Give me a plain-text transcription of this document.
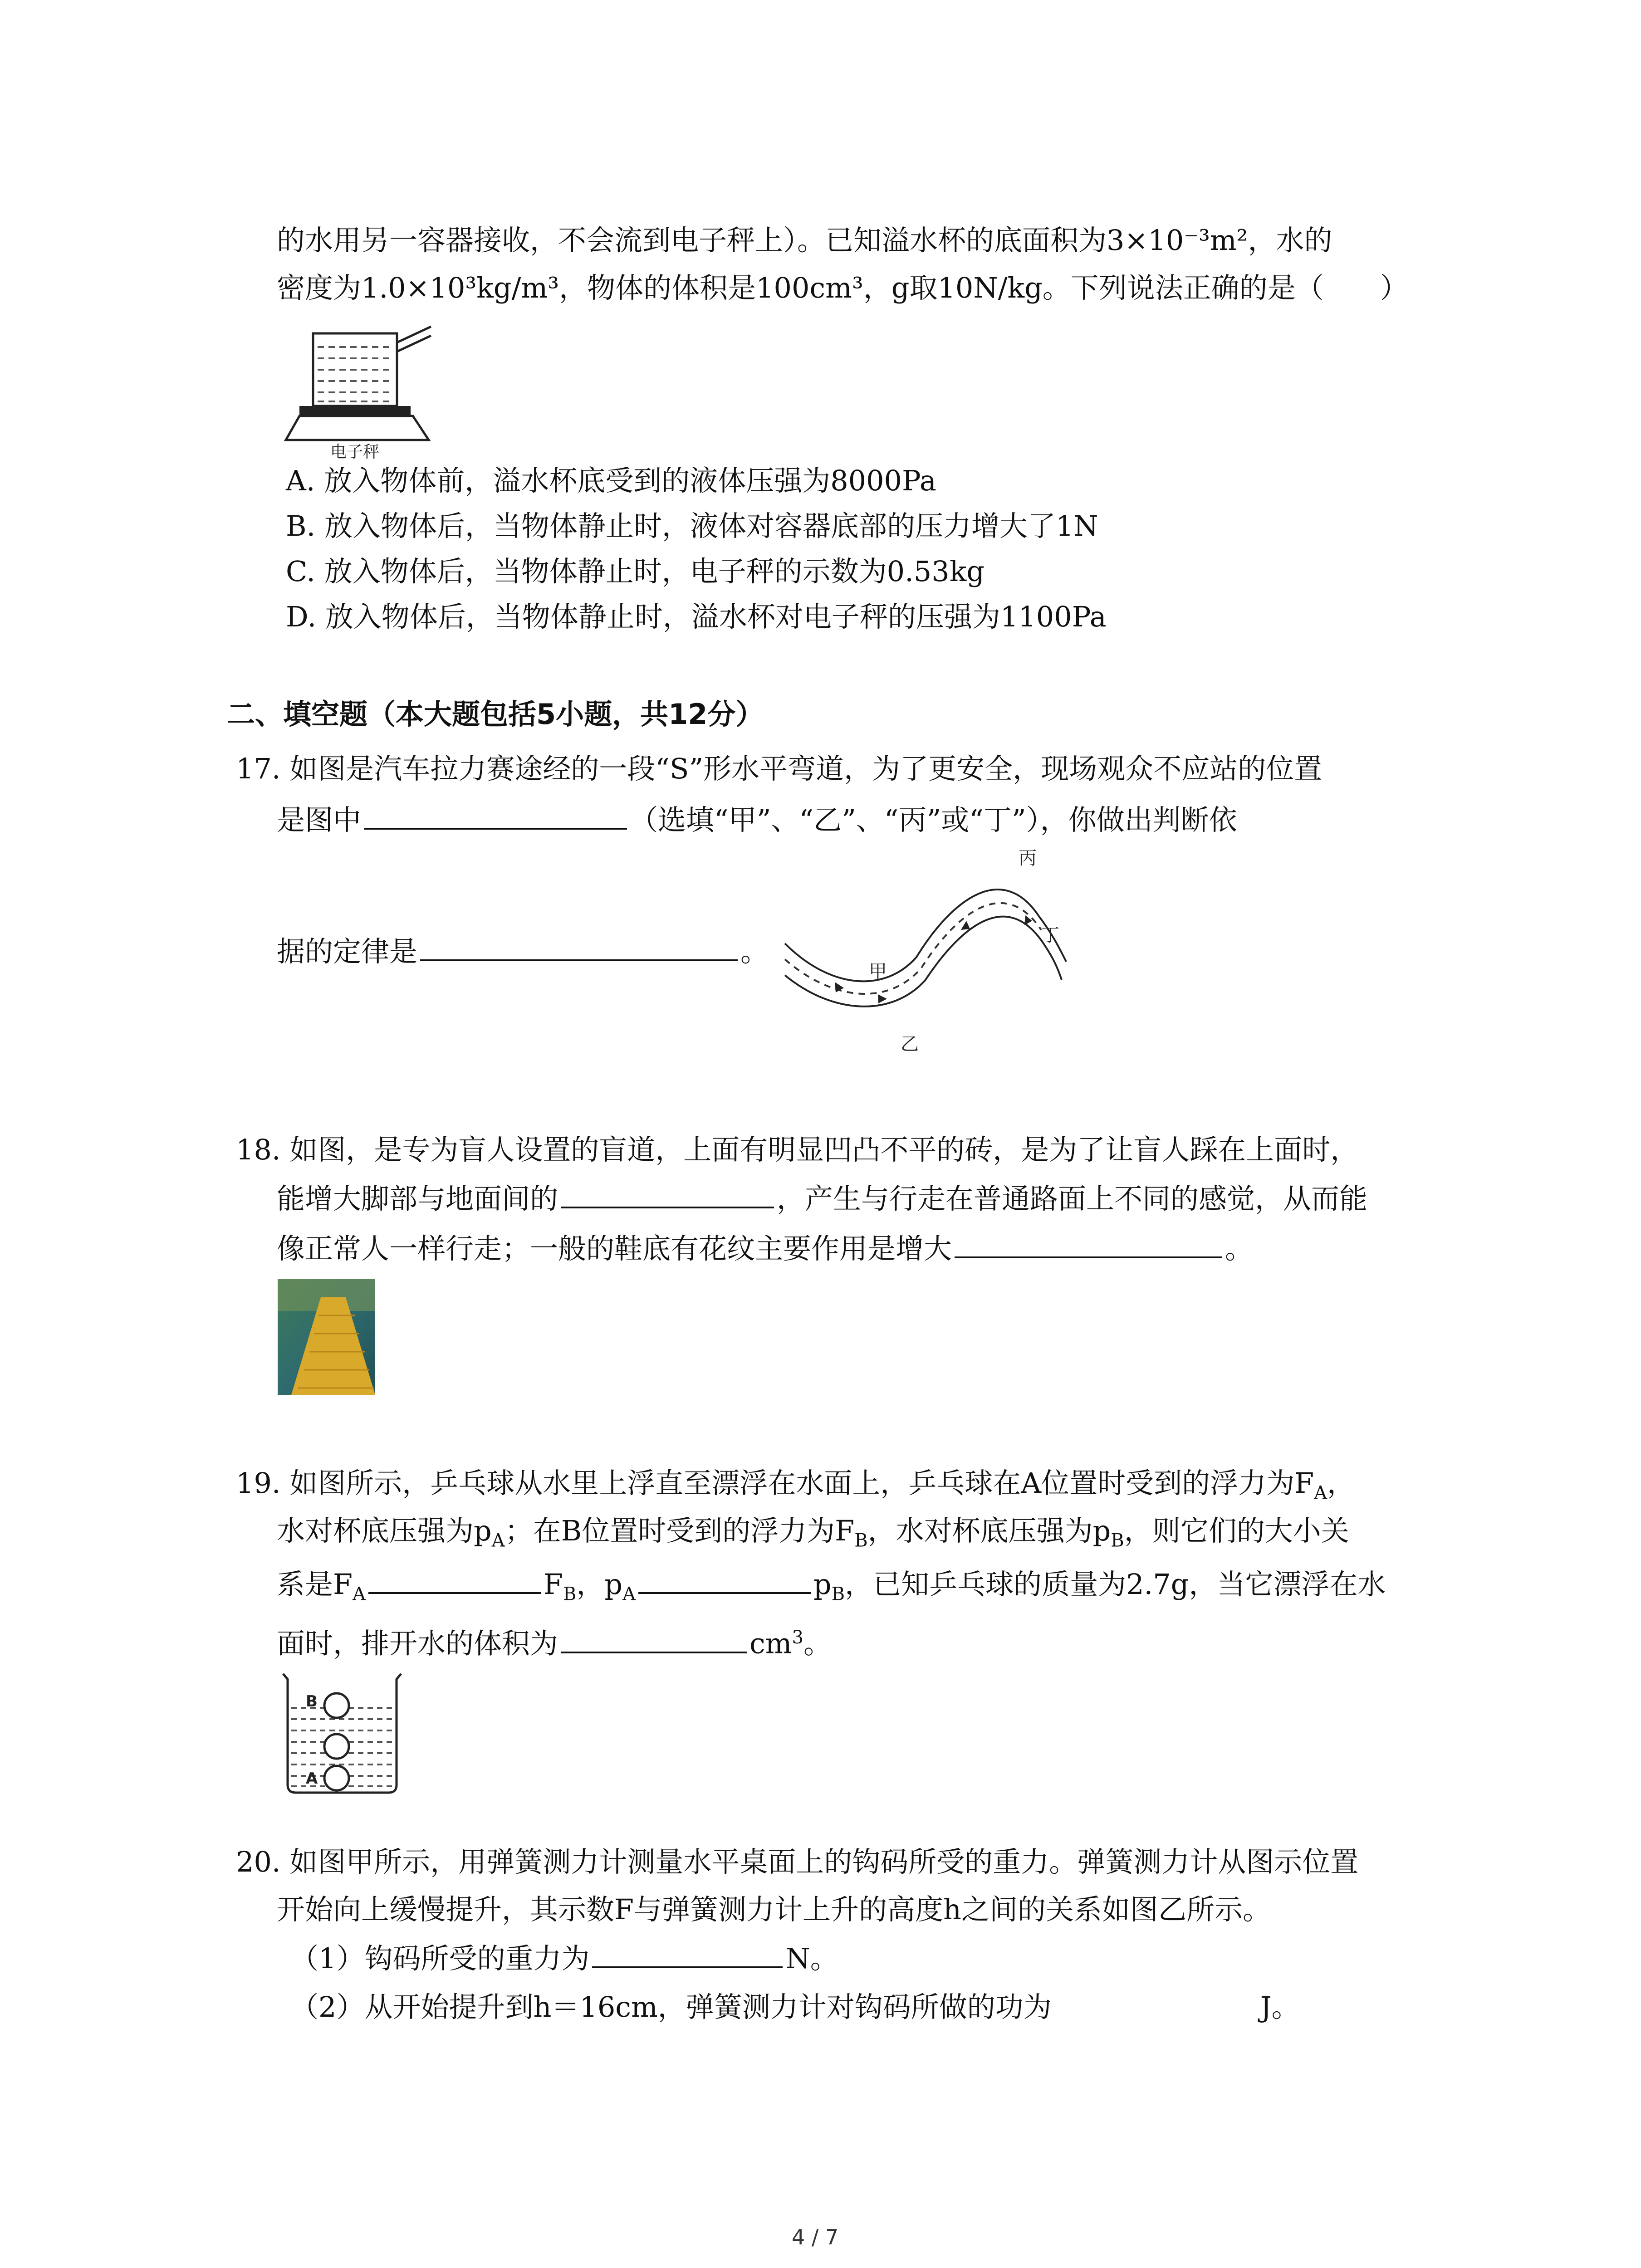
的水用另一容器接收，不会流到电子秤上）。已知溢水杯的底面积为3×10⁻³m²，水的
密度为1.0×10³kg/m³，物体的体积是100cm³，g取10N/kg。下列说法正确的是（　　）
电子秤
A. 放入物体前，溢水杯底受到的液体压强为8000Pa
B. 放入物体后，当物体静止时，液体对容器底部的压力增大了1N
C. 放入物体后，当物体静止时，电子秤的示数为0.53kg
D. 放入物体后，当物体静止时，溢水杯对电子秤的压强为1100Pa
二、填空题（本大题包括5小题，共12分）
17. 如图是汽车拉力赛途经的一段“S”形水平弯道，为了更安全，现场观众不应站的位置
是图中	（选填“甲”、“乙”、“丙”或“丁”），你做出判断依
据的定律是	。
丙
丁
甲
乙
18. 如图，是专为盲人设置的盲道，上面有明显凹凸不平的砖，是为了让盲人踩在上面时，
能增大脚部与地面间的	，产生与行走在普通路面上不同的感觉，从而能
像正常人一样行走；一般的鞋底有花纹主要作用是增大	。
19. 如图所示，乒乓球从水里上浮直至漂浮在水面上，乒乓球在A位置时受到的浮力为$F_A$，
水对杯底压强为$p_A$；在B位置时受到的浮力为$F_B$，水对杯底压强为$p_B$，则它们的大小关
系是$F_A$	$F_B$，$p_A$	$p_B$，已知乒乓球的质量为2.7g，当它漂浮在水
面时，排开水的体积为	$cm^3$。
B
A
20. 如图甲所示，用弹簧测力计测量水平桌面上的钩码所受的重力。弹簧测力计从图示位置
开始向上缓慢提升，其示数F与弹簧测力计上升的高度h之间的关系如图乙所示。
（1）钩码所受的重力为	N。
（2）从开始提升到h＝16cm，弹簧测力计对钩码所做的功为	J。
4 / 7
